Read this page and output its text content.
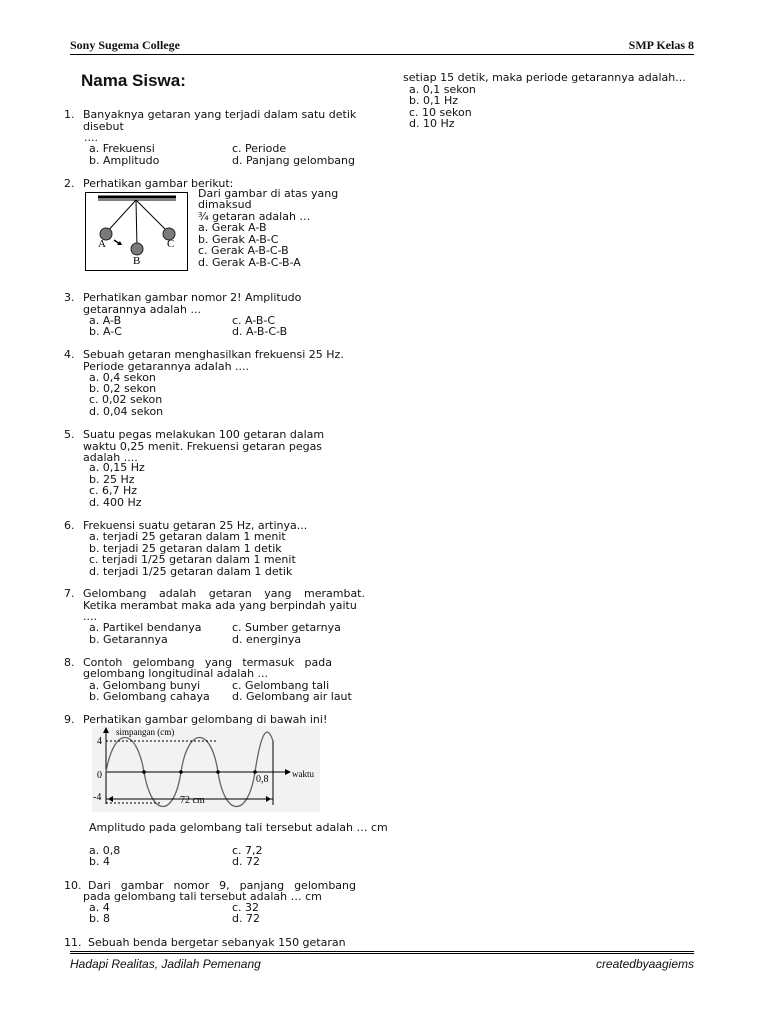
Sony Sugema College	SMP Kelas 8
Nama Siswa:
1. Banyaknya getaran yang terjadi dalam satu detik disebut
....
a. Frekuensi
b. Amplitudo
c. Periode
d. Panjang gelombang
2. Perhatikan gambar berikut:
A
B
C
Dari gambar di atas yang
dimaksud
¾ getaran adalah …
a. Gerak A-B
b. Gerak A-B-C
c. Gerak A-B-C-B
d. Gerak A-B-C-B-A
3. Perhatikan gambar nomor 2! Amplitudo getarannya adalah ...
a. A-B
b. A-C
c. A-B-C
d. A-B-C-B
4. Sebuah getaran menghasilkan frekuensi 25 Hz. Periode getarannya adalah ....
a. 0,4 sekon
b. 0,2 sekon
c. 0,02 sekon
d. 0,04 sekon
5. Suatu pegas melakukan 100 getaran dalam waktu 0,25 menit. Frekuensi getaran pegas adalah ....
a. 0,15 Hz
b. 25 Hz
c. 6,7 Hz
d. 400 Hz
6. Frekuensi suatu getaran 25 Hz, artinya...
a. terjadi 25 getaran dalam 1 menit
b. terjadi 25 getaran dalam 1 detik
c. terjadi 1/25 getaran dalam 1 menit
d. terjadi 1/25 getaran dalam 1 detik
7. Gelombang adalah getaran yang merambat.
Ketika merambat maka ada yang berpindah yaitu
....
a. Partikel bendanya
b. Getarannya
c. Sumber getarnya
d. energinya
8. Contoh gelombang yang termasuk pada
gelombang longitudinal adalah ...
a. Gelombang bunyi
b. Gelombang cahaya
c. Gelombang tali
d. Gelombang air laut
9. Perhatikan gambar gelombang di bawah ini!
simpangan (cm)
4
0
-4
0,8	waktu
72 cm
Amplitudo pada gelombang tali tersebut adalah … cm
a. 0,8
b. 4
c. 7,2
d. 72
10. Dari gambar nomor 9, panjang gelombang
pada gelombang tali tersebut adalah … cm
a. 4
b. 8
c. 32
d. 72
11. Sebuah benda bergetar sebanyak 150 getaran
setiap 15 detik, maka periode getarannya adalah...
a. 0,1 sekon
b. 0,1 Hz
c. 10 sekon
d. 10 Hz
Hadapi Realitas, Jadilah Pemenang	createdbyaagiems
